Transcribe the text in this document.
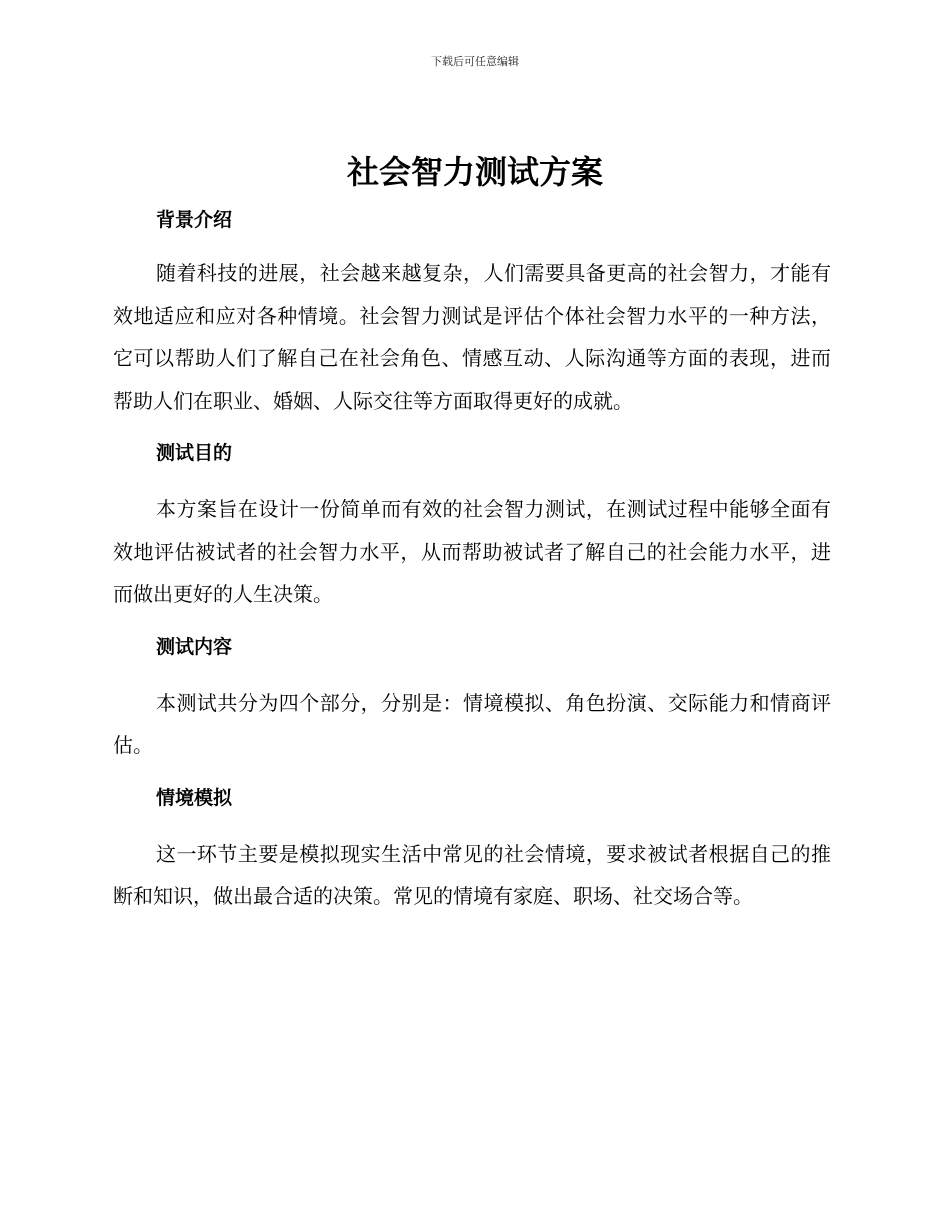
下载后可任意编辑
社会智力测试方案
背景介绍

随着科技的进展，社会越来越复杂，人们需要具备更高的社会智力，才能有效地适应和应对各种情境。社会智力测试是评估个体社会智力水平的一种方法，它可以帮助人们了解自己在社会角色、情感互动、人际沟通等方面的表现，进而帮助人们在职业、婚姻、人际交往等方面取得更好的成就。

测试目的

本方案旨在设计一份简单而有效的社会智力测试，在测试过程中能够全面有效地评估被试者的社会智力水平，从而帮助被试者了解自己的社会能力水平，进而做出更好的人生决策。

测试内容

本测试共分为四个部分，分别是：情境模拟、角色扮演、交际能力和情商评估。

情境模拟

这一环节主要是模拟现实生活中常见的社会情境，要求被试者根据自己的推断和知识，做出最合适的决策。常见的情境有家庭、职场、社交场合等。
